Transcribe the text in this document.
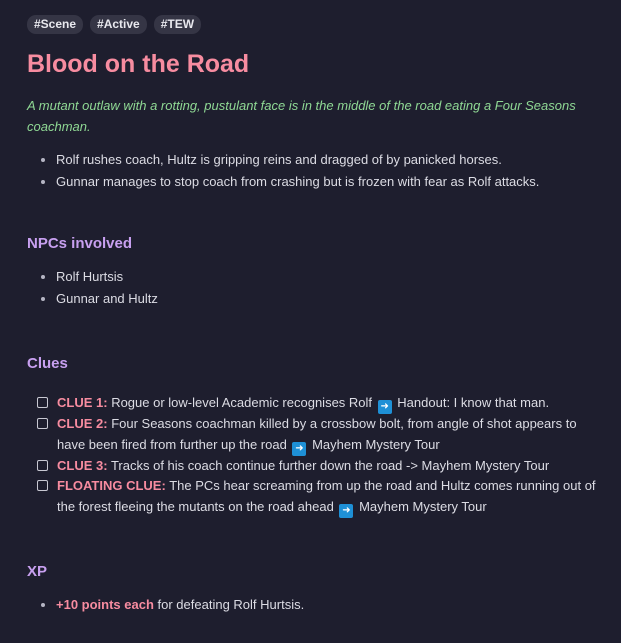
#Scene	#Active	#TEW
Blood on the Road

A mutant outlaw with a rotting, pustulant face is in the middle of the road eating a Four Seasons coachman.

• Rolf rushes coach, Hultz is gripping reins and dragged of by panicked horses.
• Gunnar manages to stop coach from crashing but is frozen with fear as Rolf attacks.
NPCs involved
• Rolf Hurtsis
• Gunnar and Hultz
Clues
CLUE 1: Rogue or low-level Academic recognises Rolf ➜ Handout: I know that man.
CLUE 2: Four Seasons coachman killed by a crossbow bolt, from angle of shot appears to have been fired from further up the road ➜ Mayhem Mystery Tour
CLUE 3: Tracks of his coach continue further down the road -> Mayhem Mystery Tour
FLOATING CLUE: The PCs hear screaming from up the road and Hultz comes running out of the forest fleeing the mutants on the road ahead ➜ Mayhem Mystery Tour
XP
• +10 points each for defeating Rolf Hurtsis.
